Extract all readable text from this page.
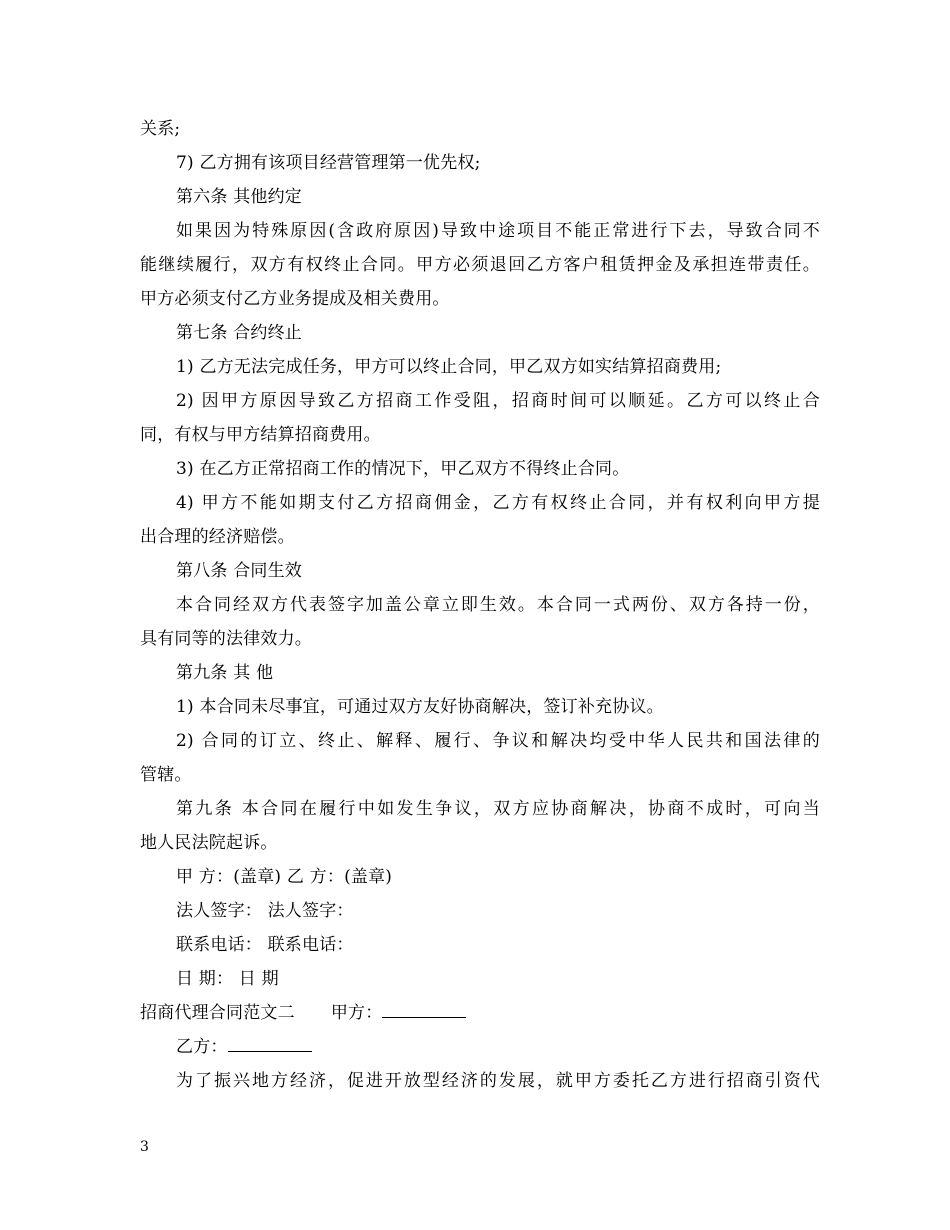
关系;
7) 乙方拥有该项目经营管理第一优先权;
第六条 其他约定
如果因为特殊原因(含政府原因)导致中途项目不能正常进行下去，导致合同不
能继续履行，双方有权终止合同。甲方必须退回乙方客户租赁押金及承担连带责任。
甲方必须支付乙方业务提成及相关费用。
第七条 合约终止
1) 乙方无法完成任务，甲方可以终止合同，甲乙双方如实结算招商费用;
2) 因甲方原因导致乙方招商工作受阻，招商时间可以顺延。乙方可以终止合
同，有权与甲方结算招商费用。
3) 在乙方正常招商工作的情况下，甲乙双方不得终止合同。
4) 甲方不能如期支付乙方招商佣金，乙方有权终止合同，并有权利向甲方提
出合理的经济赔偿。
第八条 合同生效
本合同经双方代表签字加盖公章立即生效。本合同一式两份、双方各持一份，
具有同等的法律效力。
第九条 其 他
1) 本合同未尽事宜，可通过双方友好协商解决，签订补充协议。
2) 合同的订立、终止、解释、履行、争议和解决均受中华人民共和国法律的
管辖。
第九条 本合同在履行中如发生争议，双方应协商解决，协商不成时，可向当
地人民法院起诉。
甲 方：(盖章) 乙 方：(盖章)
法人签字： 法人签字：
联系电话： 联系电话：
日 期： 日 期
招商代理合同范文二 甲方：
乙方：
为了振兴地方经济，促进开放型经济的发展，就甲方委托乙方进行招商引资代
3
